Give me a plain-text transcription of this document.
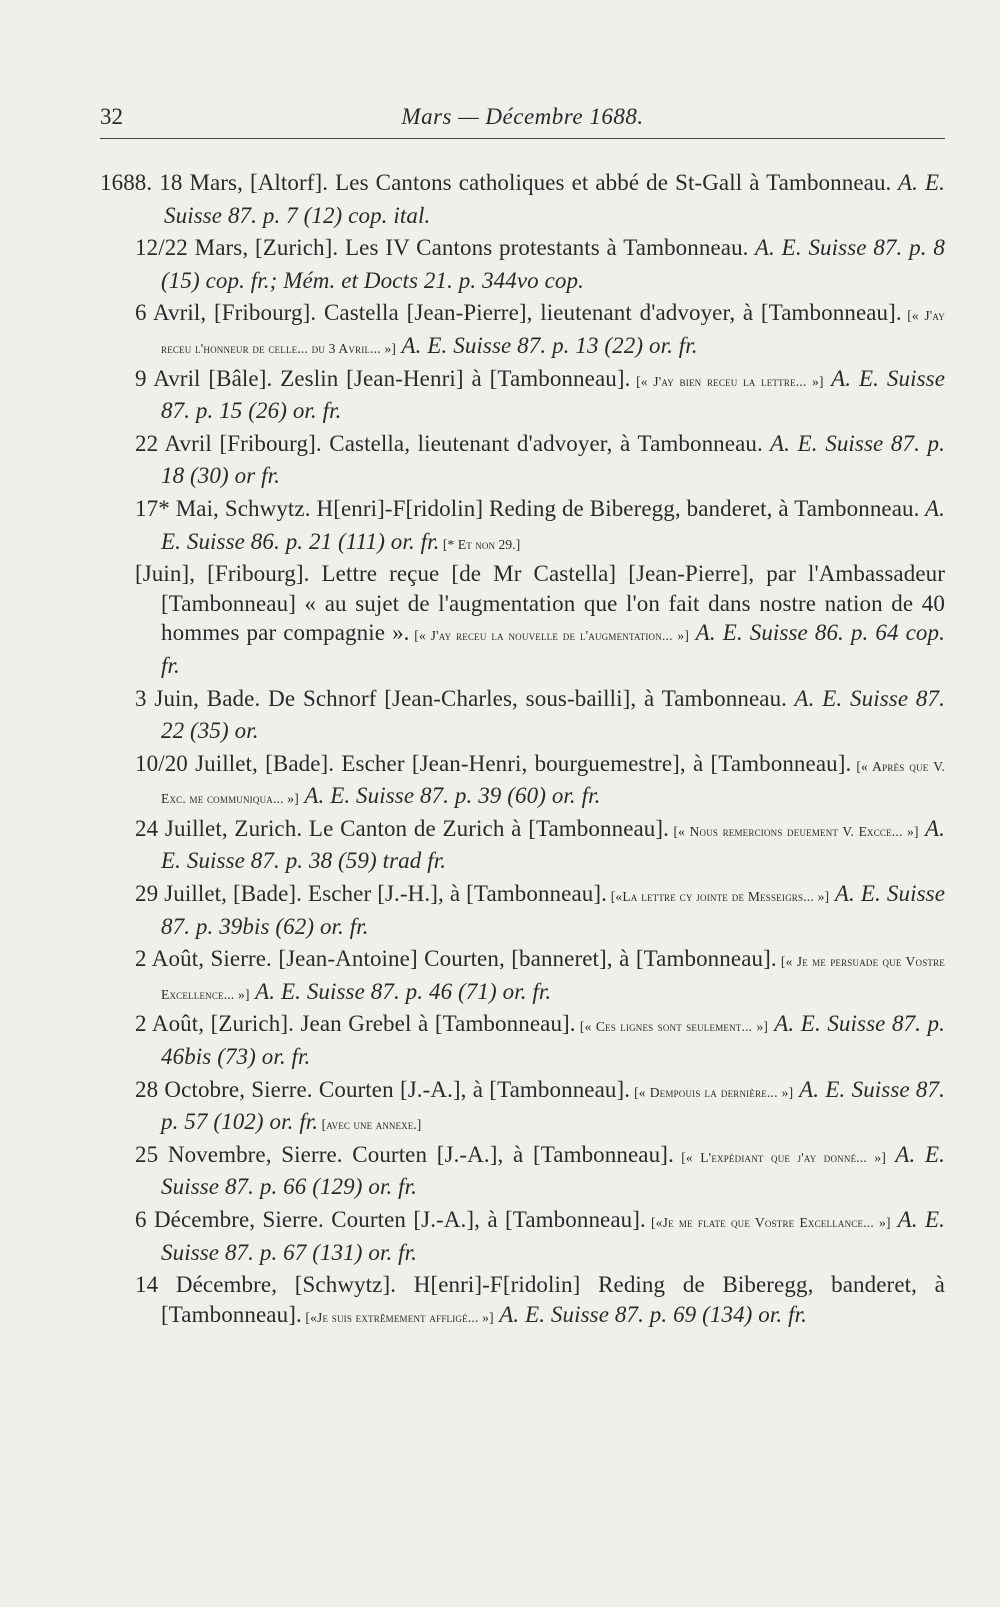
32	Mars — Décembre 1688.

1688. 18 Mars, [Altorf]. Les Cantons catholiques et abbé de St-Gall à Tambonneau. A. E. Suisse 87. p. 7 (12) cop. ital.

12/22 Mars, [Zurich]. Les IV Cantons protestants à Tambonneau. A. E. Suisse 87. p. 8 (15) cop. fr.; Mém. et Docts 21. p. 344vo cop.

6 Avril, [Fribourg]. Castella [Jean-Pierre], lieutenant d'advoyer, à [Tambonneau]. [« J'ay receu l'honneur de celle... du 3 Avril... »] A. E. Suisse 87. p. 13 (22) or. fr.

9 Avril [Bâle]. Zeslin [Jean-Henri] à [Tambonneau]. [« J'ay bien receu la lettre... »] A. E. Suisse 87. p. 15 (26) or. fr.

22 Avril [Fribourg]. Castella, lieutenant d'advoyer, à Tambonneau. A. E. Suisse 87. p. 18 (30) or fr.

17* Mai, Schwytz. H[enri]-F[ridolin] Reding de Biberegg, banderet, à Tambonneau. A. E. Suisse 86. p. 21 (111) or. fr. [* Et non 29.]

[Juin], [Fribourg]. Lettre reçue [de Mr Castella] [Jean-Pierre], par l'Ambassadeur [Tambonneau] « au sujet de l'augmentation que l'on fait dans nostre nation de 40 hommes par compagnie ». [« J'ay receu la nouvelle de l'augmentation... »] A. E. Suisse 86. p. 64 cop. fr.

3 Juin, Bade. De Schnorf [Jean-Charles, sous-bailli], à Tambonneau. A. E. Suisse 87. 22 (35) or.

10/20 Juillet, [Bade]. Escher [Jean-Henri, bourguemestre], à [Tambonneau]. [« Après que V. Exc. me communiqua... »] A. E. Suisse 87. p. 39 (60) or. fr.

24 Juillet, Zurich. Le Canton de Zurich à [Tambonneau]. [« Nous remercions deuement V. Excce... »] A. E. Suisse 87. p. 38 (59) trad fr.

29 Juillet, [Bade]. Escher [J.-H.], à [Tambonneau]. [«La lettre cy jointe de Messeigrs... »] A. E. Suisse 87. p. 39bis (62) or. fr.

2 Août, Sierre. [Jean-Antoine] Courten, [banneret], à [Tambonneau]. [« Je me persuade que Vostre Excellence... »] A. E. Suisse 87. p. 46 (71) or. fr.

2 Août, [Zurich]. Jean Grebel à [Tambonneau]. [« Ces lignes sont seulement... »] A. E. Suisse 87. p. 46bis (73) or. fr.

28 Octobre, Sierre. Courten [J.-A.], à [Tambonneau]. [« Dempouis la dernière... »] A. E. Suisse 87. p. 57 (102) or. fr. [avec une annexe.]

25 Novembre, Sierre. Courten [J.-A.], à [Tambonneau]. [« L'expédiant que j'ay donné... »] A. E. Suisse 87. p. 66 (129) or. fr.

6 Décembre, Sierre. Courten [J.-A.], à [Tambonneau]. [«Je me flate que Vostre Excellance... »] A. E. Suisse 87. p. 67 (131) or. fr.

14 Décembre, [Schwytz]. H[enri]-F[ridolin] Reding de Biberegg, banderet, à [Tambonneau]. [«Je suis extrêmement affligé... »] A. E. Suisse 87. p. 69 (134) or. fr.
